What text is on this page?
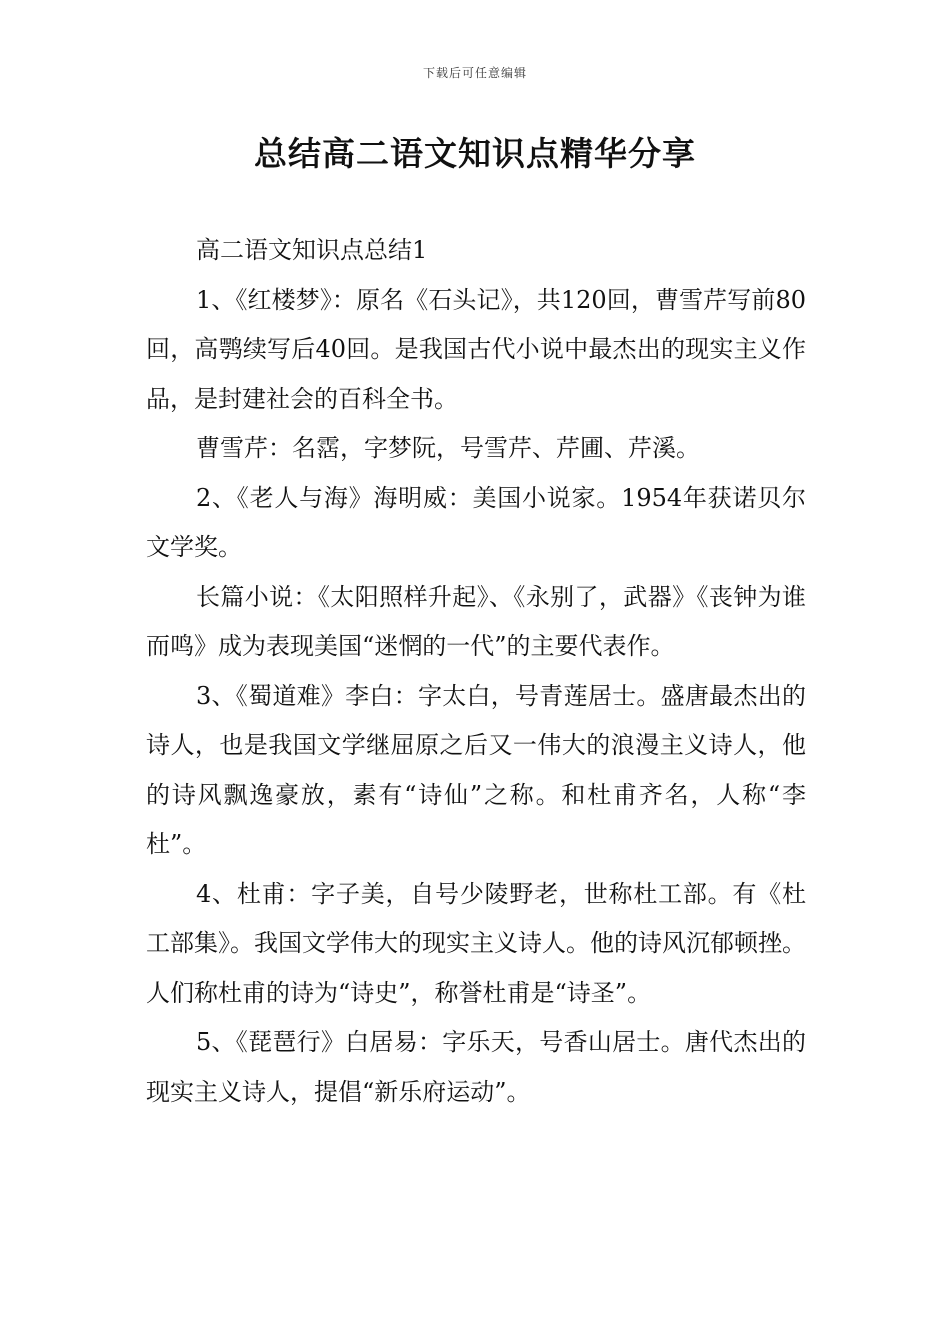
下载后可任意编辑
总结高二语文知识点精华分享

高二语文知识点总结1

1、《红楼梦》：原名《石头记》，共120回，曹雪芹写前80回，高鹗续写后40回。是我国古代小说中最杰出的现实主义作品，是封建社会的百科全书。

曹雪芹：名霑，字梦阮，号雪芹、芹圃、芹溪。

2、《老人与海》海明威：美国小说家。1954年获诺贝尔文学奖。

长篇小说：《太阳照样升起》、《永别了，武器》《丧钟为谁而鸣》成为表现美国“迷惘的一代”的主要代表作。

3、《蜀道难》李白：字太白，号青莲居士。盛唐最杰出的诗人，也是我国文学继屈原之后又一伟大的浪漫主义诗人，他的诗风飘逸豪放，素有“诗仙”之称。和杜甫齐名，人称“李杜”。

4、杜甫：字子美，自号少陵野老，世称杜工部。有《杜工部集》。我国文学伟大的现实主义诗人。他的诗风沉郁顿挫。人们称杜甫的诗为“诗史”，称誉杜甫是“诗圣”。

5、《琵琶行》白居易：字乐天，号香山居士。唐代杰出的现实主义诗人，提倡“新乐府运动”。
